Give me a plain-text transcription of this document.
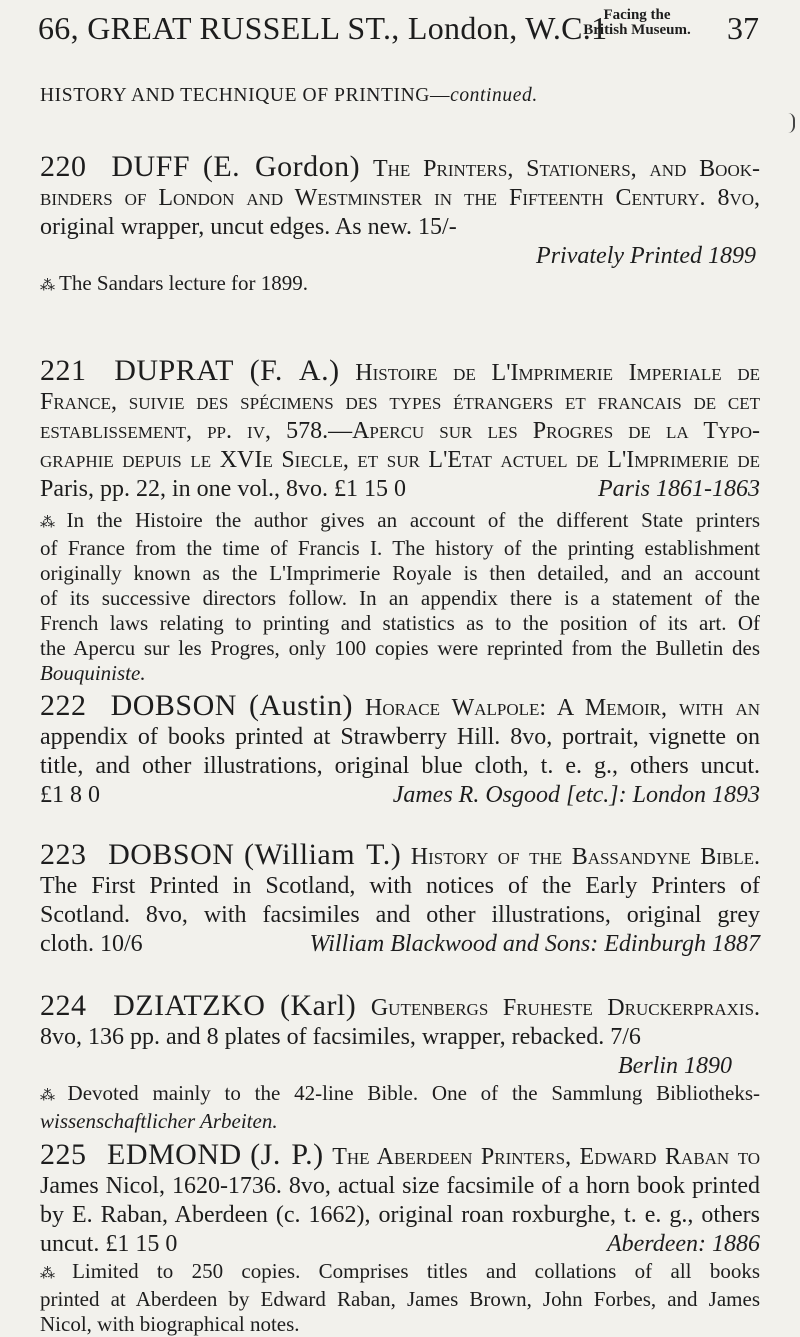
66, GREAT RUSSELL ST., London, W.C.1
Facing the
British Museum. 37
HISTORY AND TECHNIQUE OF PRINTING—continued.
220 DUFF (E. Gordon) The Printers, Stationers, and Book-
binders of London and Westminster in the Fifteenth Century. 8vo,
original wrapper, uncut edges. As new. 15/-
Privately Printed 1899
⁂ The Sandars lecture for 1899.
221 DUPRAT (F. A.) Histoire de L'Imprimerie Imperiale de
France, suivie des spécimens des types étrangers et francais de cet
establissement, pp. iv, 578.—Apercu sur les Progres de la Typo-
graphie depuis le XVIe Siecle, et sur L'Etat actuel de L'Imprimerie de
Paris, pp. 22, in one vol., 8vo. £1 15 0	Paris 1861-1863
⁂ In the Histoire the author gives an account of the different State printers
of France from the time of Francis I. The history of the printing establishment
originally known as the L'Imprimerie Royale is then detailed, and an account
of its successive directors follow. In an appendix there is a statement of the
French laws relating to printing and statistics as to the position of its art. Of
the Apercu sur les Progres, only 100 copies were reprinted from the Bulletin des
Bouquiniste.
222 DOBSON (Austin) Horace Walpole: A Memoir, with an
appendix of books printed at Strawberry Hill. 8vo, portrait, vignette on
title, and other illustrations, original blue cloth, t. e. g., others uncut.
£1 8 0	James R. Osgood [etc.]: London 1893
223 DOBSON (William T.) History of the Bassandyne Bible.
The First Printed in Scotland, with notices of the Early Printers of
Scotland. 8vo, with facsimiles and other illustrations, original grey
cloth. 10/6	William Blackwood and Sons: Edinburgh 1887
224 DZIATZKO (Karl) Gutenbergs Fruheste Druckerpraxis.
8vo, 136 pp. and 8 plates of facsimiles, wrapper, rebacked. 7/6
Berlin 1890
⁂ Devoted mainly to the 42-line Bible. One of the Sammlung Bibliotheks-
wissenschaftlicher Arbeiten.
225 EDMOND (J. P.) The Aberdeen Printers, Edward Raban to
James Nicol, 1620-1736. 8vo, actual size facsimile of a horn book printed
by E. Raban, Aberdeen (c. 1662), original roan roxburghe, t. e. g., others
uncut. £1 15 0	Aberdeen: 1886
⁂ Limited to 250 copies. Comprises titles and collations of all books
printed at Aberdeen by Edward Raban, James Brown, John Forbes, and James
Nicol, with biographical notes.
